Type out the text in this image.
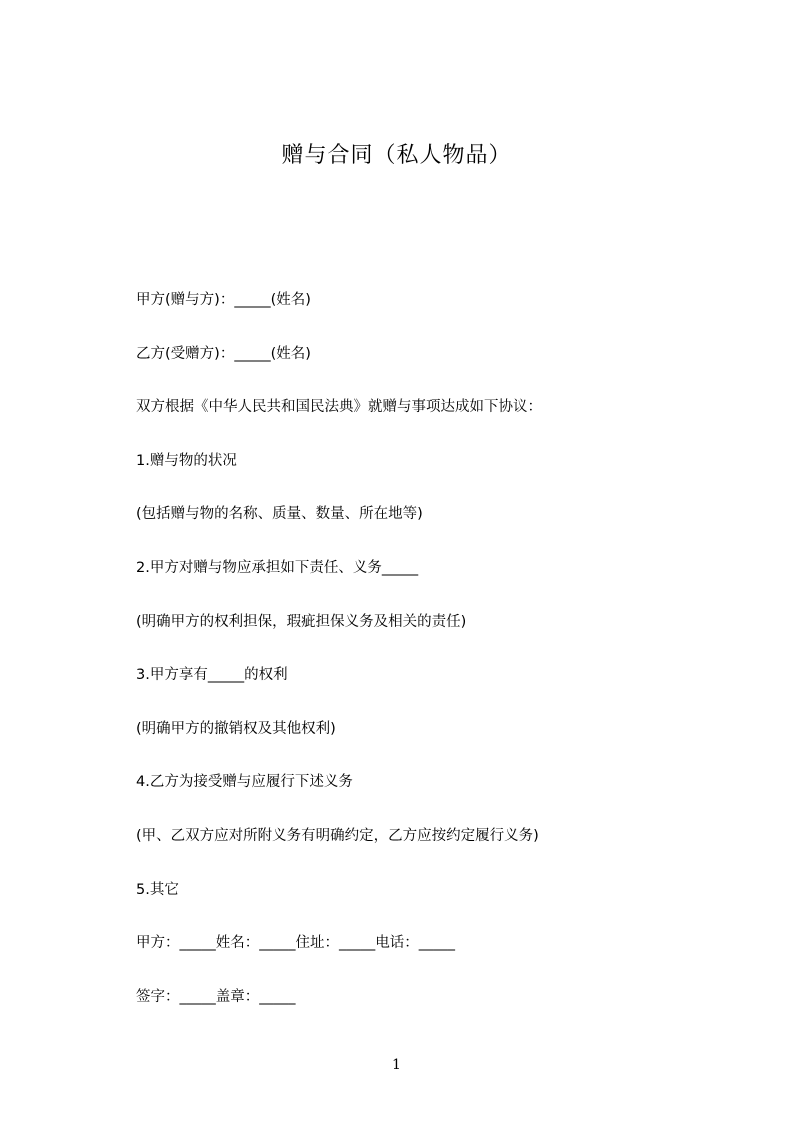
赠与合同（私人物品）

甲方(赠与方)：_____(姓名)

乙方(受赠方)：_____(姓名)

双方根据《中华人民共和国民法典》就赠与事项达成如下协议：

1.赠与物的状况

(包括赠与物的名称、质量、数量、所在地等)

2.甲方对赠与物应承担如下责任、义务_____

(明确甲方的权利担保，瑕疵担保义务及相关的责任)

3.甲方享有_____的权利

(明确甲方的撤销权及其他权利)

4.乙方为接受赠与应履行下述义务

(甲、乙双方应对所附义务有明确约定，乙方应按约定履行义务)

5.其它

甲方：_____姓名：_____住址：_____电话：_____

签字：_____盖章：_____

1
